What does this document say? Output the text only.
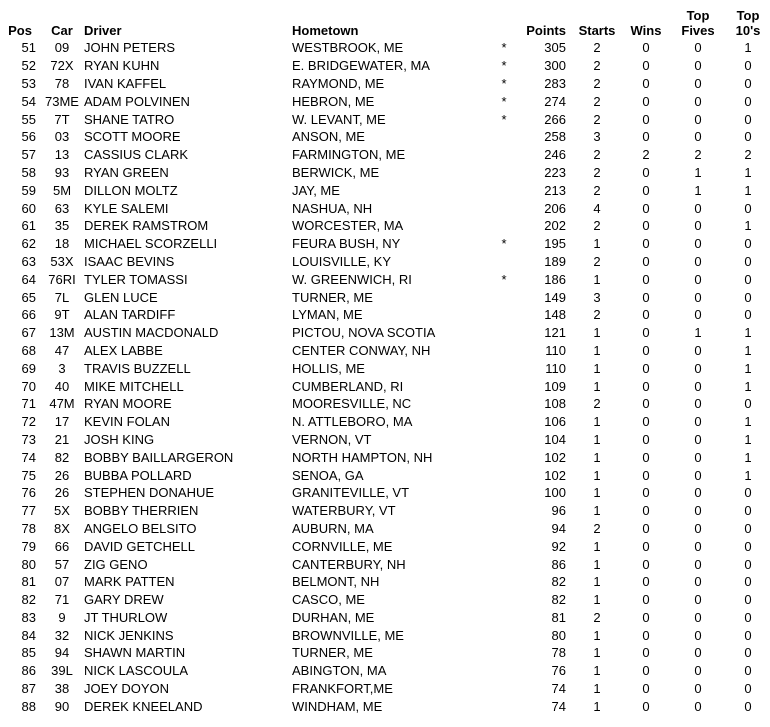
Pos	Car	Driver	Hometown		Points	Starts	Wins	Top
Fives	Top
10's
51	09	JOHN PETERS	WESTBROOK, ME	*	305	2	0	0	1
52	72X	RYAN KUHN	E. BRIDGEWATER, MA	*	300	2	0	0	0
53	78	IVAN KAFFEL	RAYMOND, ME	*	283	2	0	0	0
54	73ME	ADAM POLVINEN	HEBRON, ME	*	274	2	0	0	0
55	7T	SHANE TATRO	W. LEVANT, ME	*	266	2	0	0	0
56	03	SCOTT MOORE	ANSON, ME		258	3	0	0	0
57	13	CASSIUS CLARK	FARMINGTON, ME		246	2	2	2	2
58	93	RYAN GREEN	BERWICK, ME		223	2	0	1	1
59	5M	DILLON MOLTZ	JAY, ME		213	2	0	1	1
60	63	KYLE SALEMI	NASHUA, NH		206	4	0	0	0
61	35	DEREK RAMSTROM	WORCESTER, MA		202	2	0	0	1
62	18	MICHAEL SCORZELLI	FEURA BUSH, NY	*	195	1	0	0	0
63	53X	ISAAC BEVINS	LOUISVILLE, KY		189	2	0	0	0
64	76RI	TYLER TOMASSI	W. GREENWICH, RI	*	186	1	0	0	0
65	7L	GLEN LUCE	TURNER, ME		149	3	0	0	0
66	9T	ALAN TARDIFF	LYMAN, ME		148	2	0	0	0
67	13M	AUSTIN MACDONALD	PICTOU, NOVA SCOTIA		121	1	0	1	1
68	47	ALEX LABBE	CENTER CONWAY, NH		110	1	0	0	1
69	3	TRAVIS BUZZELL	HOLLIS, ME		110	1	0	0	1
70	40	MIKE MITCHELL	CUMBERLAND, RI		109	1	0	0	1
71	47M	RYAN MOORE	MOORESVILLE, NC		108	2	0	0	0
72	17	KEVIN FOLAN	N. ATTLEBORO, MA		106	1	0	0	1
73	21	JOSH KING	VERNON, VT		104	1	0	0	1
74	82	BOBBY BAILLARGERON	NORTH HAMPTON, NH		102	1	0	0	1
75	26	BUBBA POLLARD	SENOA, GA		102	1	0	0	1
76	26	STEPHEN DONAHUE	GRANITEVILLE, VT		100	1	0	0	0
77	5X	BOBBY THERRIEN	WATERBURY, VT		96	1	0	0	0
78	8X	ANGELO BELSITO	AUBURN, MA		94	2	0	0	0
79	66	DAVID GETCHELL	CORNVILLE, ME		92	1	0	0	0
80	57	ZIG GENO	CANTERBURY, NH		86	1	0	0	0
81	07	MARK PATTEN	BELMONT, NH		82	1	0	0	0
82	71	GARY DREW	CASCO, ME		82	1	0	0	0
83	9	JT THURLOW	DURHAN, ME		81	2	0	0	0
84	32	NICK JENKINS	BROWNVILLE, ME		80	1	0	0	0
85	94	SHAWN MARTIN	TURNER, ME		78	1	0	0	0
86	39L	NICK LASCOULA	ABINGTON, MA		76	1	0	0	0
87	38	JOEY DOYON	FRANKFORT,ME		74	1	0	0	0
88	90	DEREK KNEELAND	WINDHAM, ME		74	1	0	0	0
